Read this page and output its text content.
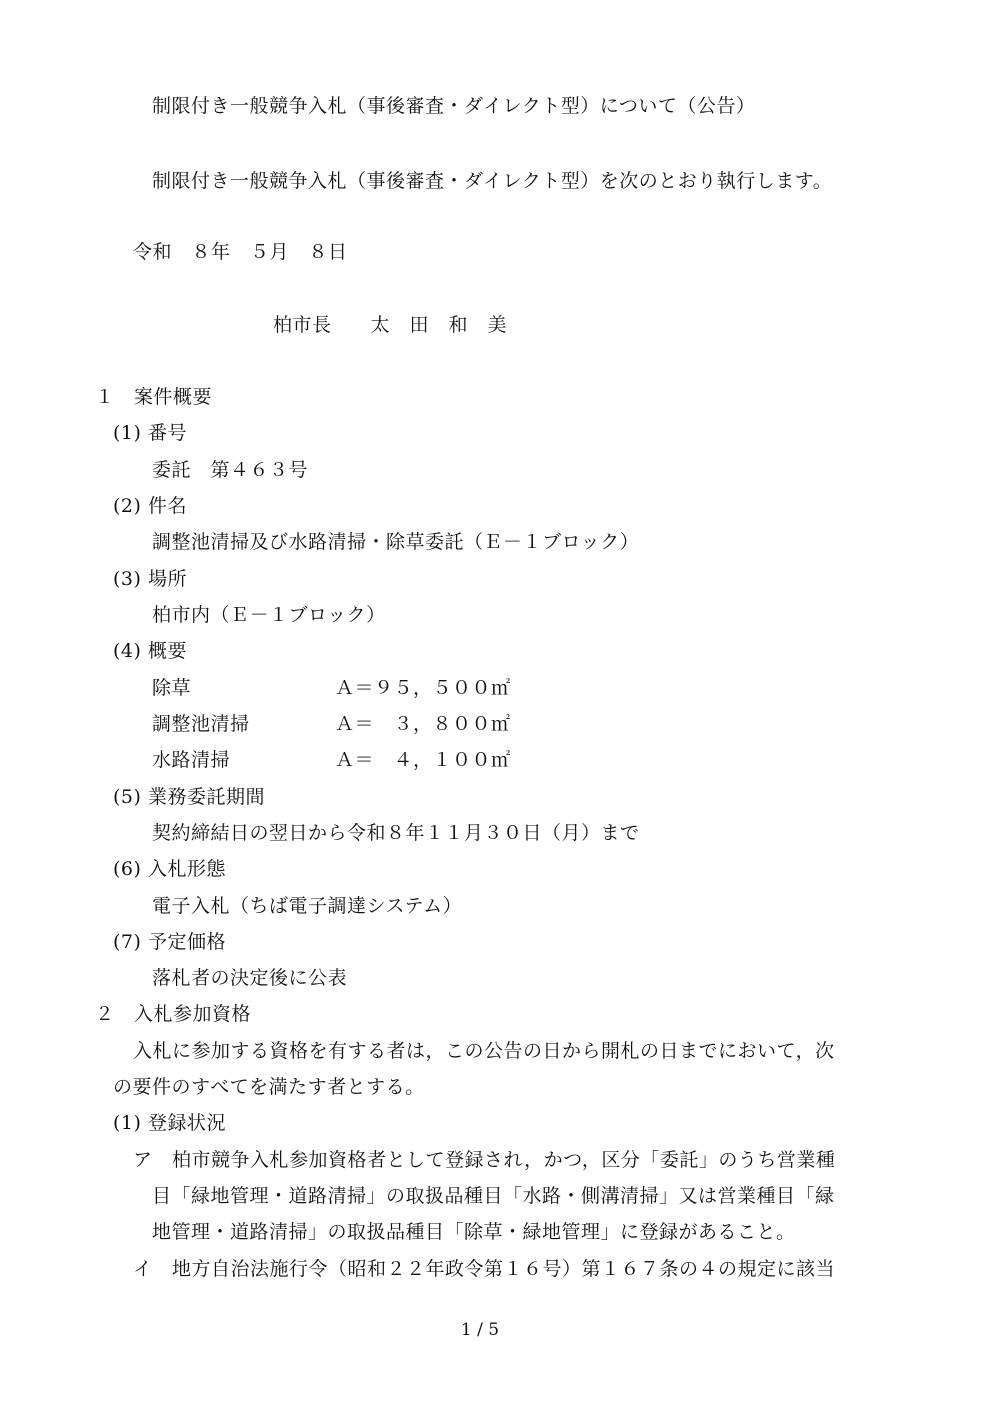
制限付き一般競争入札（事後審査・ダイレクト型）について（公告）
制限付き一般競争入札（事後審査・ダイレクト型）を次のとおり執行します。
令和　８年　５月　８日
柏市長　　太　田　和　美
１　案件概要
(1) 番号
委託　第４６３号
(2) 件名
調整池清掃及び水路清掃・除草委託（Ｅ－１ブロック）
(3) 場所
柏市内（Ｅ－１ブロック）
(4) 概要
除草	Ａ＝９５，５００㎡
調整池清掃	Ａ＝　３，８００㎡
水路清掃	Ａ＝　４，１００㎡
(5) 業務委託期間
契約締結日の翌日から令和８年１１月３０日（月）まで
(6) 入札形態
電子入札（ちば電子調達システム）
(7) 予定価格
落札者の決定後に公表
２　入札参加資格
入札に参加する資格を有する者は，この公告の日から開札の日までにおいて，次
の要件のすべてを満たす者とする。
(1) 登録状況
ア　柏市競争入札参加資格者として登録され，かつ，区分「委託」のうち営業種
目「緑地管理・道路清掃」の取扱品種目「水路・側溝清掃」又は営業種目「緑
地管理・道路清掃」の取扱品種目「除草・緑地管理」に登録があること。
イ　地方自治法施行令（昭和２２年政令第１６号）第１６７条の４の規定に該当
1 / 5
